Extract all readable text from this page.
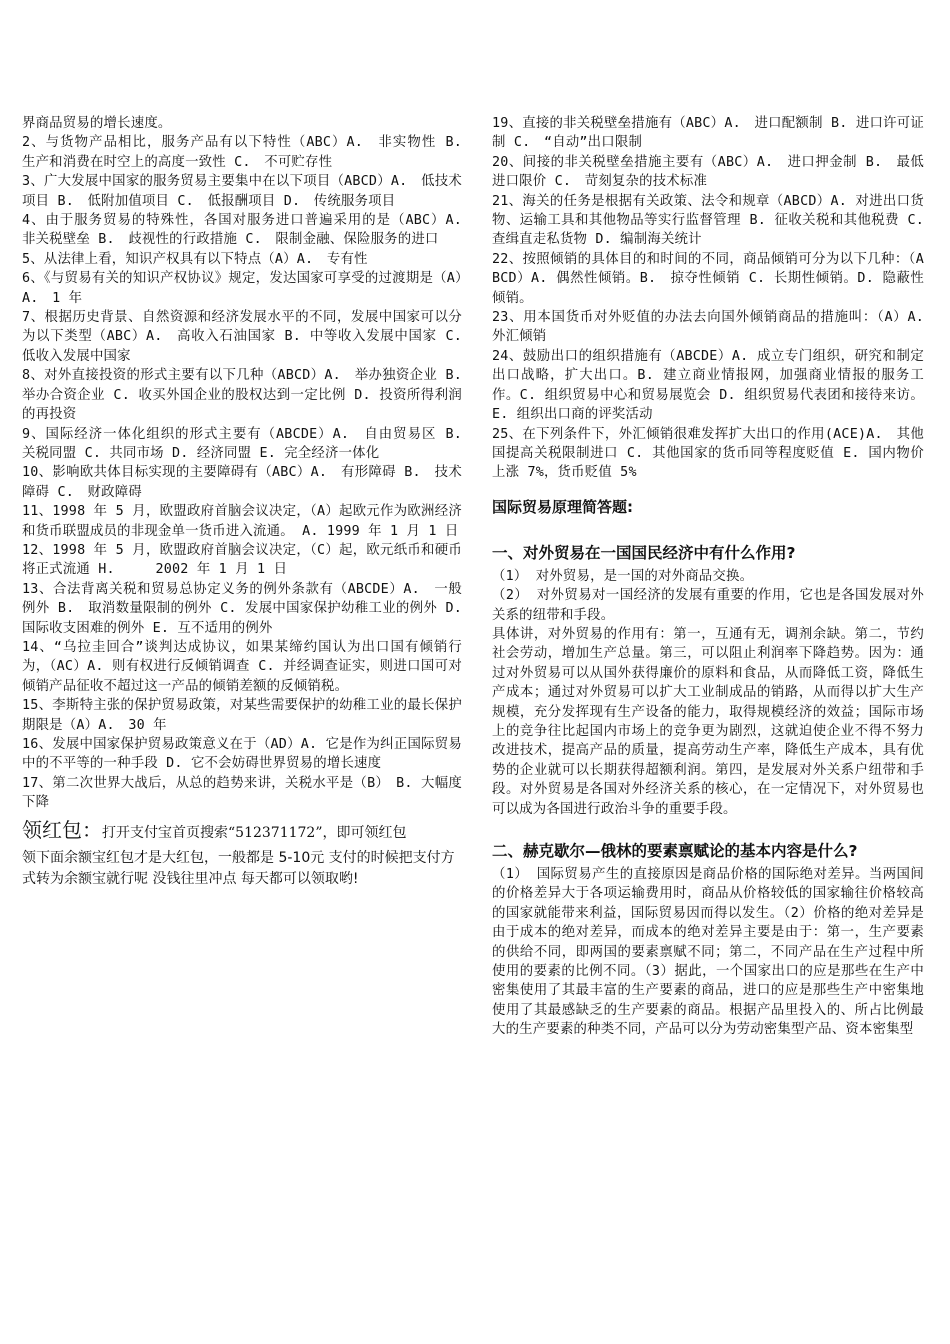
界商品贸易的增长速度。

2、与货物产品相比，服务产品有以下特性（ABC）A.　非实物性 B.　生产和消费在时空上的高度一致性 C.　不可贮存性

3、广大发展中国家的服务贸易主要集中在以下项目（ABCD）A.　低技术项目 B.　低附加值项目 C.　低报酬项目 D.　传统服务项目

4、由于服务贸易的特殊性，各国对服务进口普遍采用的是（ABC）A.　非关税壁垒 B.　歧视性的行政措施 C.　限制金融、保险服务的进口

5、从法律上看，知识产权具有以下特点（A）A.　专有性

6、《与贸易有关的知识产权协议》规定，发达国家可享受的过渡期是（A）A.　1 年

7、根据历史背景、自然资源和经济发展水平的不同，发展中国家可以分为以下类型（ABC）A.　高收入石油国家 B. 中等收入发展中国家 C. 低收入发展中国家

8、对外直接投资的形式主要有以下几种（ABCD）A.　举办独资企业 B.　举办合资企业 C. 收买外国企业的股权达到一定比例 D. 投资所得利润的再投资

9、国际经济一体化组织的形式主要有（ABCDE）A.　自由贸易区 B.　关税同盟 C. 共同市场 D. 经济同盟 E. 完全经济一体化

10、影响欧共体目标实现的主要障碍有（ABC）A.　有形障碍 B.　技术障碍 C.　财政障碍

11、1998 年 5 月，欧盟政府首脑会议决定，（A）起欧元作为欧洲经济和货币联盟成员的非现金单一货币进入流通。 A. 1999 年 1 月 1 日

12、1998 年 5 月，欧盟政府首脑会议决定，（C）起，欧元纸币和硬币将正式流通 H.　　　2002 年 1 月 1 日

13、合法背离关税和贸易总协定义务的例外条款有（ABCDE）A.　一般例外 B.　取消数量限制的例外 C. 发展中国家保护幼稚工业的例外 D. 国际收支困难的例外 E. 互不适用的例外

14、“乌拉圭回合”谈判达成协议，如果某缔约国认为出口国有倾销行为，（AC）A. 则有权进行反倾销调查 C. 并经调查证实，则进口国可对倾销产品征收不超过这一产品的倾销差额的反倾销税。

15、李斯特主张的保护贸易政策，对某些需要保护的幼稚工业的最长保护期限是（A）A.　30 年

16、发展中国家保护贸易政策意义在于（AD）A. 它是作为纠正国际贸易中的不平等的一种手段 D. 它不会妨碍世界贸易的增长速度

17、第二次世界大战后，从总的趋势来讲，关税水平是（B）　B. 大幅度下降

领红包：打开支付宝首页搜索“512371172”，即可领红包

领下面余额宝红包才是大红包，一般都是 5-10元 支付的时候把支付方式转为余额宝就行呢 没钱往里冲点 每天都可以领取哟!

19、直接的非关税壁垒措施有（ABC）A.　进口配额制 B. 进口许可证制 C.　“自动”出口限制

20、间接的非关税壁垒措施主要有（ABC）A.　进口押金制 B.　最低进口限价 C.　苛刻复杂的技术标准

21、海关的任务是根据有关政策、法令和规章（ABCD）A. 对进出口货物、运输工具和其他物品等实行监督管理 B. 征收关税和其他税费 C.　查缉直走私货物 D. 编制海关统计

22、按照倾销的具体目的和时间的不同，商品倾销可分为以下几种：（ABCD）A. 偶然性倾销。B.　掠夺性倾销 C. 长期性倾销。D. 隐蔽性倾销。

23、用本国货币对外贬值的办法去向国外倾销商品的措施叫：（A）A. 外汇倾销

24、鼓励出口的组织措施有（ABCDE）A. 成立专门组织，研究和制定出口战略，扩大出口。B. 建立商业情报网，加强商业情报的服务工作。C. 组织贸易中心和贸易展览会 D. 组织贸易代表团和接待来访。E. 组织出口商的评奖活动

25、在下列条件下，外汇倾销很难发挥扩大出口的作用(ACE)A.　其他国提高关税限制进口 C. 其他国家的货币同等程度贬值 E. 国内物价上涨 7%，货币贬值 5%

国际贸易原理简答题:

一、对外贸易在一国国民经济中有什么作用?

（1） 对外贸易，是一国的对外商品交换。

（2） 对外贸易对一国经济的发展有重要的作用，它也是各国发展对外关系的纽带和手段。

具体讲，对外贸易的作用有：第一，互通有无，调剂余缺。第二，节约社会劳动，增加生产总量。第三，可以阻止利润率下降趋势。因为：通过对外贸易可以从国外获得廉价的原料和食品，从而降低工资，降低生产成本；通过对外贸易可以扩大工业制成品的销路，从而得以扩大生产规模，充分发挥现有生产设备的能力，取得规模经济的效益；国际市场上的竞争往比起国内市场上的竞争更为剧烈，这就迫使企业不得不努力改进技术，提高产品的质量，提高劳动生产率，降低生产成本，具有优势的企业就可以长期获得超额利润。第四，是发展对外关系户纽带和手段。对外贸易是各国对外经济关系的核心，在一定情况下，对外贸易也可以成为各国进行政治斗争的重要手段。

二、赫克歇尔—俄林的要素禀赋论的基本内容是什么?

（1） 国际贸易产生的直接原因是商品价格的国际绝对差异。当两国间的价格差异大于各项运输费用时，商品从价格较低的国家输往价格较高的国家就能带来利益，国际贸易因而得以发生。（2）价格的绝对差异是由于成本的绝对差异，而成本的绝对差异主要是由于：第一，生产要素的供给不同，即两国的要素禀赋不同；第二，不同产品在生产过程中所使用的要素的比例不同。（3）据此，一个国家出口的应是那些在生产中密集使用了其最丰富的生产要素的商品，进口的应是那些生产中密集地使用了其最感缺乏的生产要素的商品。根据产品里投入的、所占比例最大的生产要素的种类不同，产品可以分为劳动密集型产品、资本密集型
